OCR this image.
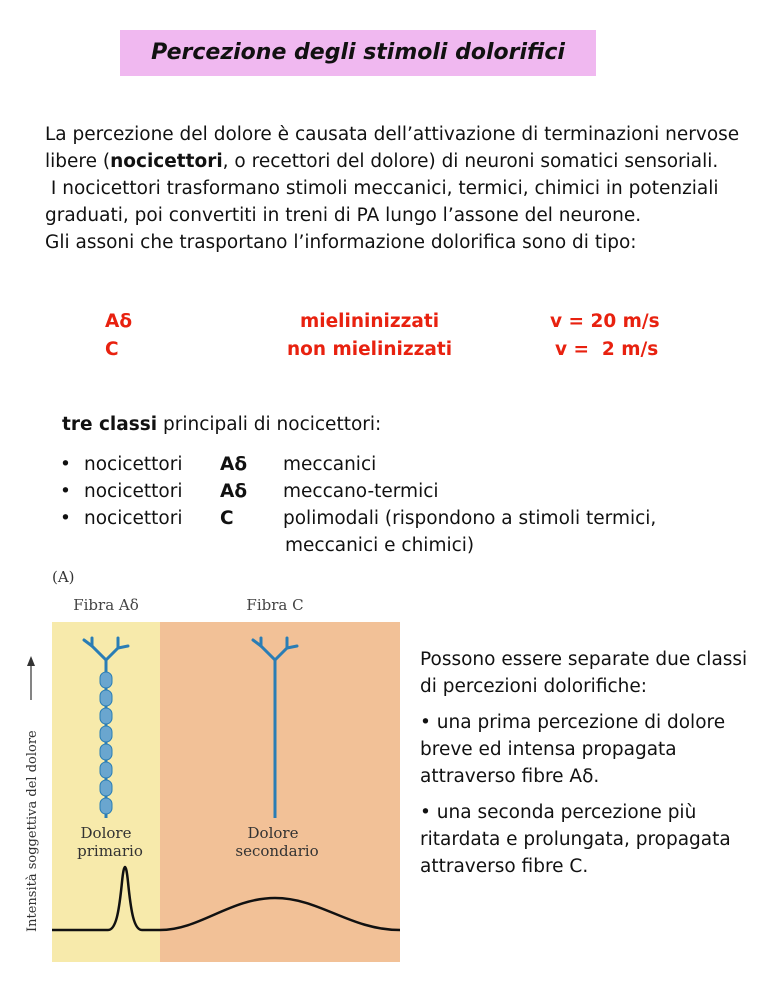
Percezione degli stimoli dolorifici

La percezione del dolore è causata dell’attivazione di terminazioni nervose libere (nocicettori, o recettori del dolore) di neuroni somatici sensoriali.

I nocicettori trasformano stimoli meccanici, termici, chimici in potenziali graduati, poi convertiti in treni di PA lungo l’assone del neurone.

Gli assoni che trasportano l’informazione dolorifica sono di tipo:

Aδ	mielininizzati	v = 20 m/s
C	non mielinizzati	v =  2 m/s
tre classi principali di nocicettori:
• nocicettori Aδ meccanici
• nocicettori Aδ meccano-termici
• nocicettori C	polimodali (rispondono a stimoli termici,
meccanici e chimici)
(A)
Fibra Aδ	Fibra C
Intensità soggettiva del dolore	Dolore
primario
Dolore
secondario

Possono essere separate due classi di percezioni dolorifiche:

• una prima percezione di dolore breve ed intensa propagata attraverso fibre Aδ.

• una seconda percezione più ritardata e prolungata, propagata attraverso fibre C.
